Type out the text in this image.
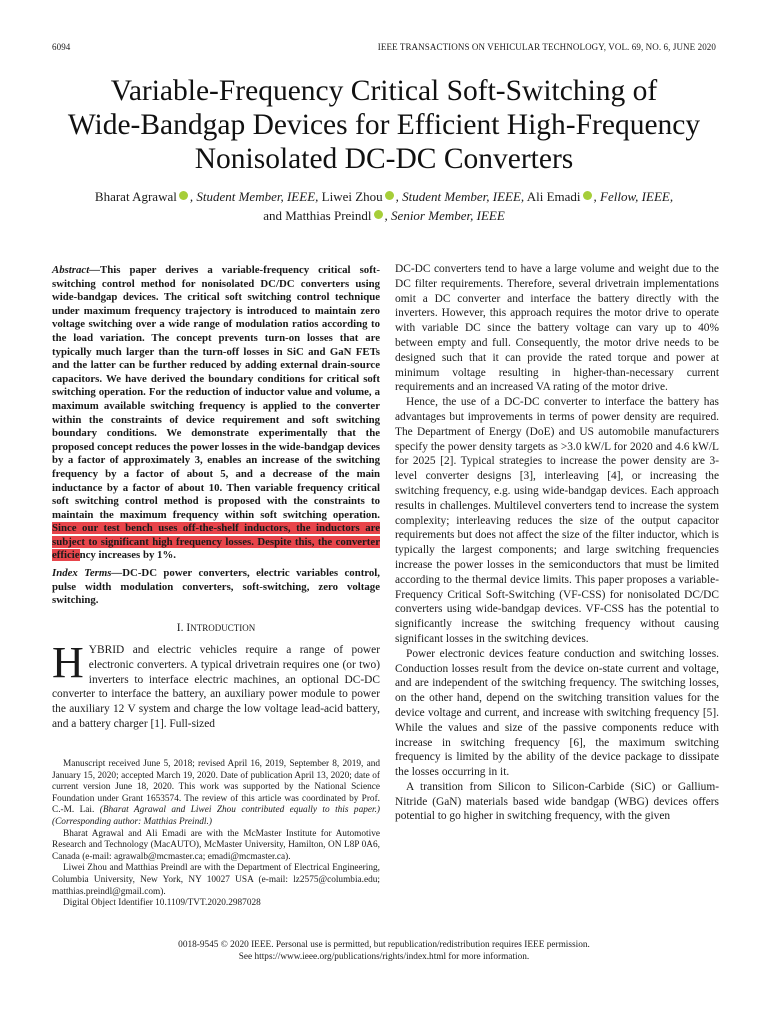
6094	IEEE TRANSACTIONS ON VEHICULAR TECHNOLOGY, VOL. 69, NO. 6, JUNE 2020
Variable-Frequency Critical Soft-Switching of
Wide-Bandgap Devices for Efficient High-Frequency
Nonisolated DC-DC Converters
Bharat Agrawal , Student Member, IEEE, Liwei Zhou , Student Member, IEEE, Ali Emadi , Fellow, IEEE,
and Matthias Preindl , Senior Member, IEEE
Abstract—This paper derives a variable-frequency critical soft-switching control method for nonisolated DC/DC converters using wide-bandgap devices. The critical soft switching control technique under maximum frequency trajectory is introduced to maintain zero voltage switching over a wide range of modulation ratios according to the load variation. The concept prevents turn-on losses that are typically much larger than the turn-off losses in SiC and GaN FETs and the latter can be further reduced by adding external drain-source capacitors. We have derived the boundary conditions for critical soft switching operation. For the reduction of inductor value and volume, a maximum available switching frequency is applied to the converter within the constraints of device requirement and soft switching boundary conditions. We demonstrate experimentally that the proposed concept reduces the power losses in the wide-bandgap devices by a factor of approximately 3, enables an increase of the switching frequency by a factor of about 5, and a decrease of the main inductance by a factor of about 10. Then variable frequency critical soft switching control method is proposed with the constraints to maintain the maximum frequency within soft switching operation. Since our test bench uses off-the-shelf inductors, the inductors are subject to significant high frequency losses. Despite this, the converter efficiency increases by 1%.
Index Terms—DC-DC power converters, electric variables control, pulse width modulation converters, soft-switching, zero voltage switching.
I. INTRODUCTION
HYBRID and electric vehicles require a range of power electronic converters. A typical drivetrain requires one (or two) inverters to interface electric machines, an optional DC-DC converter to interface the battery, an auxiliary power module to power the auxiliary 12 V system and charge the low voltage lead-acid battery, and a battery charger [1]. Full-sized

Manuscript received June 5, 2018; revised April 16, 2019, September 8, 2019, and January 15, 2020; accepted March 19, 2020. Date of publication April 13, 2020; date of current version June 18, 2020. This work was supported by the National Science Foundation under Grant 1653574. The review of this article was coordinated by Prof. C.-M. Lai. (Bharat Agrawal and Liwei Zhou contributed equally to this paper.) (Corresponding author: Matthias Preindl.)

Bharat Agrawal and Ali Emadi are with the McMaster Institute for Automotive Research and Technology (MacAUTO), McMaster University, Hamilton, ON L8P 0A6, Canada (e-mail: agrawalb@mcmaster.ca; emadi@mcmaster.ca).

Liwei Zhou and Matthias Preindl are with the Department of Electrical Engineering, Columbia University, New York, NY 10027 USA (e-mail: lz2575@columbia.edu; matthias.preindl@gmail.com).

Digital Object Identifier 10.1109/TVT.2020.2987028

DC-DC converters tend to have a large volume and weight due to the DC filter requirements. Therefore, several drivetrain implementations omit a DC converter and interface the battery directly with the inverters. However, this approach requires the motor drive to operate with variable DC since the battery voltage can vary up to 40% between empty and full. Consequently, the motor drive needs to be designed such that it can provide the rated torque and power at minimum voltage resulting in higher-than-necessary current requirements and an increased VA rating of the motor drive.

Hence, the use of a DC-DC converter to interface the battery has advantages but improvements in terms of power density are required. The Department of Energy (DoE) and US automobile manufacturers specify the power density targets as >3.0 kW/L for 2020 and 4.6 kW/L for 2025 [2]. Typical strategies to increase the power density are 3-level converter designs [3], interleaving [4], or increasing the switching frequency, e.g. using wide-bandgap devices. Each approach results in challenges. Multilevel converters tend to increase the system complexity; interleaving reduces the size of the output capacitor requirements but does not affect the size of the filter inductor, which is typically the largest components; and large switching frequencies increase the power losses in the semiconductors that must be limited according to the thermal device limits. This paper proposes a variable-Frequency Critical Soft-Switching (VF-CSS) for nonisolated DC/DC converters using wide-bandgap devices. VF-CSS has the potential to significantly increase the switching frequency without causing significant losses in the switching devices.

Power electronic devices feature conduction and switching losses. Conduction losses result from the device on-state current and voltage, and are independent of the switching frequency. The switching losses, on the other hand, depend on the switching transition values for the device voltage and current, and increase with switching frequency [5]. While the values and size of the passive components reduce with increase in switching frequency [6], the maximum switching frequency is limited by the ability of the device package to dissipate the losses occurring in it.

A transition from Silicon to Silicon-Carbide (SiC) or Gallium-Nitride (GaN) materials based wide bandgap (WBG) devices offers potential to go higher in switching frequency, with the given

0018-9545 © 2020 IEEE. Personal use is permitted, but republication/redistribution requires IEEE permission.
See https://www.ieee.org/publications/rights/index.html for more information.
